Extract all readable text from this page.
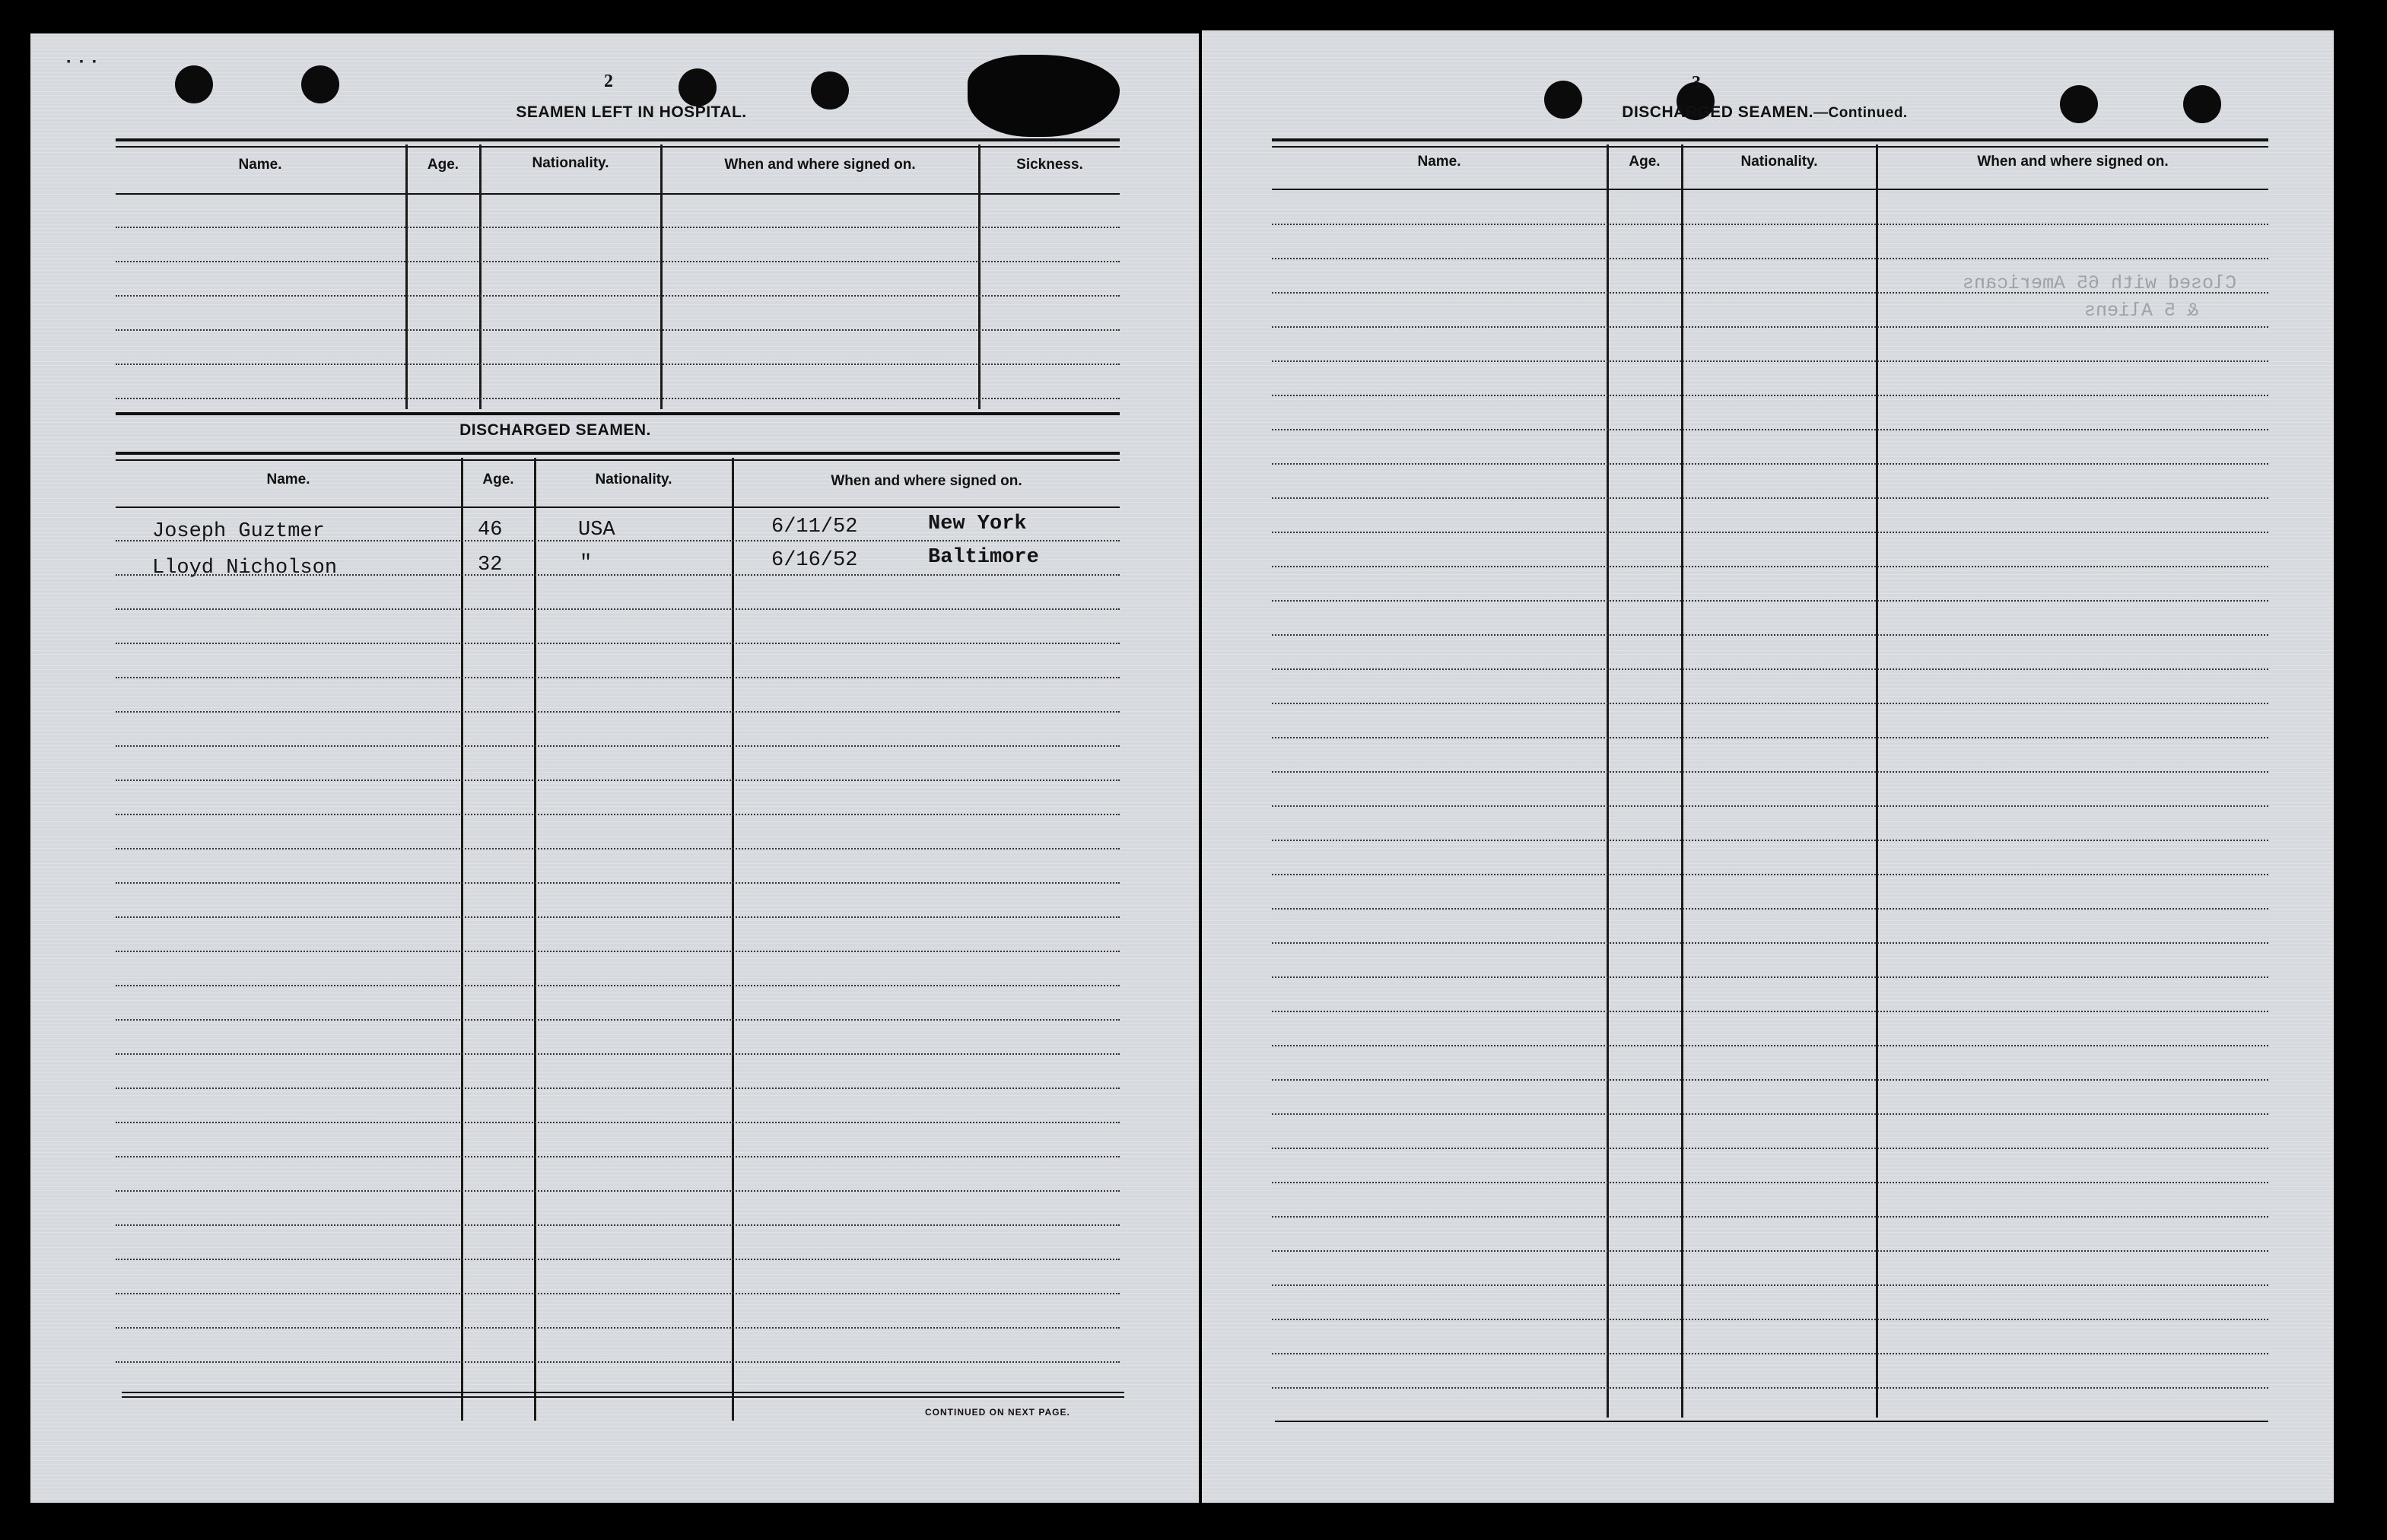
▪ ▪ ▪
2
SEAMEN LEFT IN HOSPITAL.
Name.	Age.	Nationality.	When and where signed on.	Sickness.
DISCHARGED SEAMEN.
Name.	Age.	Nationality.	When and where signed on.
Joseph Guztmer	46	USA	6/11/52	New York
Lloyd Nicholson	32	"	6/16/52	Baltimore
CONTINUED ON NEXT PAGE.
3
DISCHARGED SEAMEN.—Continued.
Closed with 65 Americans
& 5 Aliens
Name.	Age.	Nationality.	When and where signed on.
